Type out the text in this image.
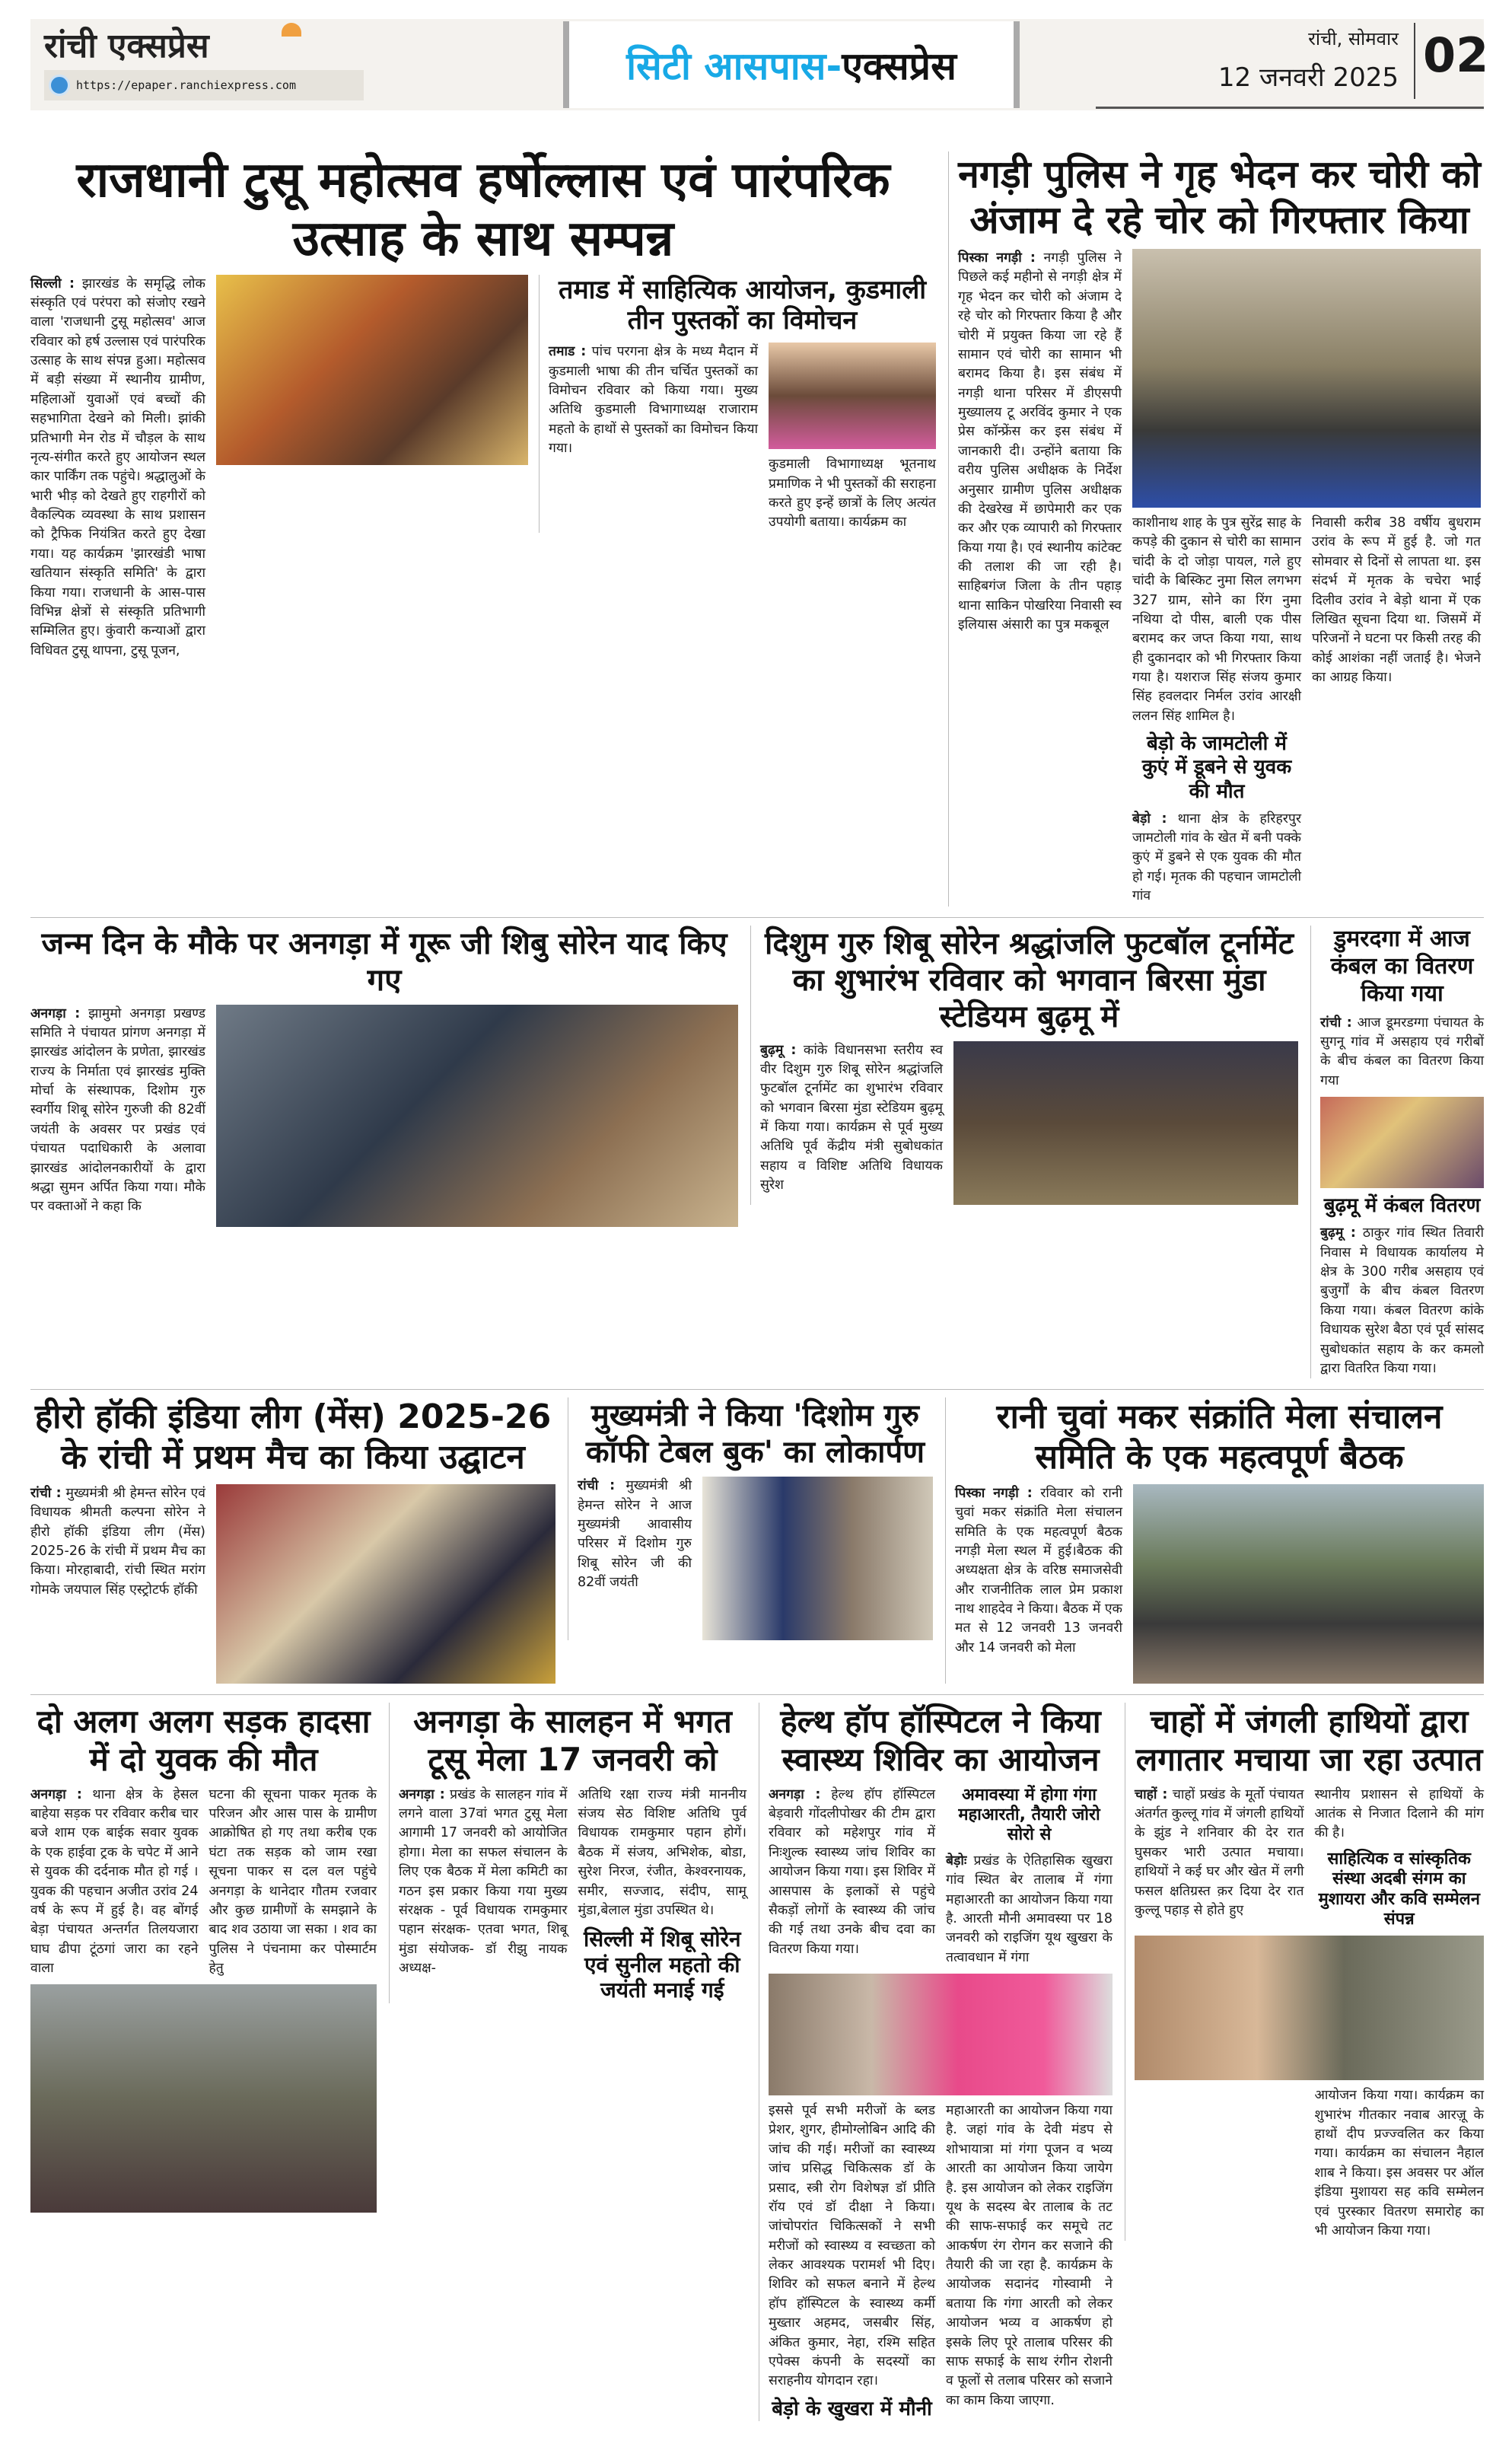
रांची एक्सप्रेस
https://epaper.ranchiexpress.com	सिटी आसपास- एक्सप्रेस
रांची, सोमवार
12 जनवरी 2025 02
राजधानी टुसू महोत्सव हर्षोल्लास एवं पारंपरिक उत्साह के साथ सम्पन्न
सिल्ली : झारखंड के समृद्धि लोक संस्कृति एवं परंपरा को संजोए रखने वाला 'राजधानी टुसू महोत्सव' आज रविवार को हर्ष उल्लास एवं पारंपरिक उत्साह के साथ संपन्न हुआ। महोत्सव में बड़ी संख्या में स्थानीय ग्रामीण, महिलाओं युवाओं एवं बच्चों की सहभागिता देखने को मिली। झांकी प्रतिभागी मेन रोड में चौड़ल के साथ नृत्य-संगीत करते हुए आयोजन स्थल कार पार्किंग तक पहुंचे। श्रद्धालुओं के भारी भीड़ को देखते हुए राहगीरों को वैकल्पिक व्यवस्था के साथ प्रशासन को ट्रैफिक नियंत्रित करते हुए देखा गया। यह कार्यक्रम 'झारखंडी भाषा खतियान संस्कृति समिति' के द्वारा किया गया। राजधानी के आस-पास विभिन्न क्षेत्रों से संस्कृति प्रतिभागी सम्मिलित हुए। कुंवारी कन्याओं द्वारा विधिवत टुसू थापना, टुसू पूजन,
तमाड में साहित्यिक आयोजन, कुडमाली तीन पुस्तकों का विमोचन
तमाड : पांच परगना क्षेत्र के मध्य मैदान में कुडमाली भाषा की तीन चर्चित पुस्तकों का विमोचन रविवार को किया गया। मुख्य अतिथि कुडमाली विभागाध्यक्ष राजाराम महतो के हाथों से पुस्तकों का विमोचन किया गया।
कुडमाली विभागाध्यक्ष भूतनाथ प्रमाणिक ने भी पुस्तकों की सराहना करते हुए इन्हें छात्रों के लिए अत्यंत उपयोगी बताया। कार्यक्रम का
नगड़ी पुलिस ने गृह भेदन कर चोरी को अंजाम दे रहे चोर को गिरफ्तार किया
पिस्का नगड़ी : नगड़ी पुलिस ने पिछले कई महीनो से नगड़ी क्षेत्र में गृह भेदन कर चोरी को अंजाम दे रहे चोर को गिरफ्तार किया है और चोरी में प्रयुक्त किया जा रहे हैं सामान एवं चोरी का सामान भी बरामद किया है। इस संबंध में नगड़ी थाना परिसर में डीएसपी मुख्यालय टू अरविंद कुमार ने एक प्रेस कॉन्फ्रेंस कर इस संबंध में जानकारी दी। उन्होंने बताया कि वरीय पुलिस अधीक्षक के निर्देश अनुसार ग्रामीण पुलिस अधीक्षक की देखरेख में छापेमारी कर एक कर और एक व्यापारी को गिरफ्तार किया गया है। एवं स्थानीय कांटेक्ट की तलाश की जा रही है। साहिबगंज जिला के तीन पहाड़ थाना साकिन पोखरिया निवासी स्व इलियास अंसारी का पुत्र मकबूल
काशीनाथ शाह के पुत्र सुरेंद्र साह के कपड़े की दुकान से चोरी का सामान चांदी के दो जोड़ा पायल, गले हुए चांदी के बिस्किट नुमा सिल लगभग 327 ग्राम, सोने का रिंग नुमा नथिया दो पीस, बाली एक पीस बरामद कर जप्त किया गया, साथ ही दुकानदार को भी गिरफ्तार किया गया है। यशराज सिंह संजय कुमार सिंह हवलदार निर्मल उरांव आरक्षी ललन सिंह शामिल है।
बेड़ो के जामटोली में कुएं में डूबने से युवक की मौत
बेड़ो : थाना क्षेत्र के हरिहरपुर जामटोली गांव के खेत में बनी पक्के कुएं में डुबने से एक युवक की मौत हो गई। मृतक की पहचान जामटोली गांव
निवासी करीब 38 वर्षीय बुधराम उरांव के रूप में हुई है. जो गत सोमवार से दिनों से लापता था. इस संदर्भ में मृतक के चचेरा भाई दिलीव उरांव ने बेड़ो थाना में एक लिखित सूचना दिया था. जिसमें में परिजनों ने घटना पर किसी तरह की कोई आशंका नहीं जताई है। भेजने का आग्रह किया।
जन्म दिन के मौके पर अनगड़ा में गूरू जी शिबु सोरेन याद किए गए
अनगड़ा : झामुमो अनगड़ा प्रखण्ड समिति ने पंचायत प्रांगण अनगड़ा में झारखंड आंदोलन के प्रणेता, झारखंड राज्य के निर्माता एवं झारखंड मुक्ति मोर्चा के संस्थापक, दिशोम गुरु स्वर्गीय शिबू सोरेन गुरुजी की 82वीं जयंती के अवसर पर प्रखंड एवं पंचायत पदाधिकारी के अलावा झारखंड आंदोलनकारीयों के द्वारा श्रद्धा सुमन अर्पित किया गया। मौके पर वक्ताओं ने कहा कि
दिशुम गुरु शिबू सोरेन श्रद्धांजलि फुटबॉल टूर्नामेंट का शुभारंभ रविवार को भगवान बिरसा मुंडा स्टेडियम बुढ़मू में
बुढ़मू : कांके विधानसभा स्तरीय स्व वीर दिशुम गुरु शिबू सोरेन श्रद्धांजलि फुटबॉल टूर्नामेंट का शुभारंभ रविवार को भगवान बिरसा मुंडा स्टेडियम बुढ़मू में किया गया। कार्यक्रम से पूर्व मुख्य अतिथि पूर्व केंद्रीय मंत्री सुबोधकांत सहाय व विशिष्ट अतिथि विधायक सुरेश
डुमरदगा में आज कंबल का वितरण किया गया
रांची : आज डूमरडग्गा पंचायत के सुगनू गांव में असहाय एवं गरीबों के बीच कंबल का वितरण किया गया
बुढ़मू में कंबल वितरण
बुढ़मू : ठाकुर गांव स्थित तिवारी निवास मे विधायक कार्यालय मे क्षेत्र के 300 गरीब असहाय एवं बुजुर्गों के बीच कंबल वितरण किया गया। कंबल वितरण कांके विधायक सुरेश बैठा एवं पूर्व सांसद सुबोधकांत सहाय के कर कमलो द्वारा वितरित किया गया।
हीरो हॉकी इंडिया लीग (मेंस) 2025-26 के रांची में प्रथम मैच का किया उद्घाटन
रांची : मुख्यमंत्री श्री हेमन्त सोरेन एवं विधायक श्रीमती कल्पना सोरेन ने हीरो हॉकी इंडिया लीग (मेंस) 2025-26 के रांची में प्रथम मैच का किया। मोरहाबादी, रांची स्थित मरांग गोमके जयपाल सिंह एस्ट्रोटर्फ हॉकी
मुख्यमंत्री ने किया 'दिशोम गुरु कॉफी टेबल बुक' का लोकार्पण
रांची : मुख्यमंत्री श्री हेमन्त सोरेन ने आज मुख्यमंत्री आवासीय परिसर में दिशोम गुरु शिबू सोरेन जी की 82वीं जयंती
रानी चुवां मकर संक्रांति मेला संचालन समिति के एक महत्वपूर्ण बैठक
पिस्का नगड़ी : रविवार को रानी चुवां मकर संक्रांति मेला संचालन समिति के एक महत्वपूर्ण बैठक नगड़ी मेला स्थल में हुई।बैठक की अध्यक्षता क्षेत्र के वरिष्ठ समाजसेवी और राजनीतिक लाल प्रेम प्रकाश नाथ शाहदेव ने किया। बैठक में एक मत से 12 जनवरी 13 जनवरी और 14 जनवरी को मेला
दो अलग अलग सड़क हादसा में दो युवक की मौत
अनगड़ा : थाना क्षेत्र के हेसल बाहेया सड़क पर रविवार करीब चार बजे शाम एक बाईक सवार युवक के एक हाईवा ट्रक के चपेट में आने से युवक की दर्दनाक मौत हो गई । युवक की पहचान अजीत उरांव 24 वर्ष के रूप में हुई है। वह बोंगई बेड़ा पंचायत अन्तर्गत तिलयजारा घाघ ढीपा टूंठगां जारा का रहने वाला
घटना की सूचना पाकर मृतक के परिजन और आस पास के ग्रामीण आक्रोषित हो गए तथा करीब एक घंटा तक सड़क को जाम रखा सूचना पाकर स दल वल पहुंचे अनगड़ा के थानेदार गौतम रजवार और कुछ ग्रामीणों के समझाने के बाद शव उठाया जा सका । शव का पुलिस ने पंचनामा कर पोस्मार्टम हेतु
अनगड़ा के सालहन में भगत टूसू मेला 17 जनवरी को
अनगड़ा : प्रखंड के सालहन गांव में लगने वाला 37वां भगत टुसू मेला आगामी 17 जनवरी को आयोजित होगा। मेला का सफल संचालन के लिए एक बैठक में मेला कमिटी का गठन इस प्रकार किया गया मुख्य संरक्षक - पूर्व विधायक रामकुमार पहान संरक्षक- एतवा भगत, शिबू मुंडा संयोजक- डॉ रीझु नायक अध्यक्ष-
अतिथि रक्षा राज्य मंत्री माननीय संजय सेठ विशिष्ट अतिथि पुर्व विधायक रामकुमार पहान होगें।बैठक में संजय, अभिशेक, बोडा, सुरेश निरज, रंजीत, केश्वरनायक, समीर, सज्जाद, संदीप, सामू मुंडा,बेलाल मुंडा उपस्थित थे।
सिल्ली में शिबू सोरेन एवं सुनील महतो की जयंती मनाई गई
हेल्थ हॉप हॉस्पिटल ने किया स्वास्थ्य शिविर का आयोजन
अनगड़ा : हेल्थ हॉप हॉस्पिटल बेड़वारी गोंदलीपोखर की टीम द्वारा रविवार को महेशपुर गांव में निःशुल्क स्वास्थ्य जांच शिविर का आयोजन किया गया। इस शिविर में आसपास के इलाकों से पहुंचे सैकड़ों लोगों के स्वास्थ्य की जांच की गई तथा उनके बीच दवा का वितरण किया गया।
अमावस्या में होगा गंगा महाआरती, तैयारी जोरो सोरो से
बेड़ोः प्रखंड के ऐतिहासिक खुखरा गांव स्थित बेर तालाब में गंगा महाआरती का आयोजन किया गया है. आरती मौनी अमावस्या पर 18 जनवरी को राइजिंग यूथ खुखरा के तत्वावधान में गंगा
इससे पूर्व सभी मरीजों के ब्लड प्रेशर, शुगर, हीमोग्लोबिन आदि की जांच की गई। मरीजों का स्वास्थ्य जांच प्रसिद्ध चिकित्सक डॉ के प्रसाद, स्त्री रोग विशेषज्ञ डॉ प्रीति रॉय एवं डॉ दीक्षा ने किया। जांचोपरांत चिकित्सकों ने सभी मरीजों को स्वास्थ्य व स्वच्छता को लेकर आवश्यक परामर्श भी दिए। शिविर को सफल बनाने में हेल्थ हॉप हॉस्पिटल के स्वास्थ्य कर्मी मुख्तार अहमद, जसबीर सिंह, अंकित कुमार, नेहा, रश्मि सहित एपेक्स कंपनी के सदस्यों का सराहनीय योगदान रहा।
बेड़ो के खुखरा में मौनी
महाआरती का आयोजन किया गया है. जहां गांव के देवी मंडप से शोभायात्रा मां गंगा पूजन व भव्य आरती का आयोजन किया जायेग है. इस आयोजन को लेकर राइजिंग यूथ के सदस्य बेर तालाब के तट की साफ-सफाई कर समूचे तट आकर्षण रंग रोगन कर सजाने की तैयारी की जा रहा है. कार्यक्रम के आयोजक सदानंद गोस्वामी ने बताया कि गंगा आरती को लेकर आयोजन भव्य व आकर्षण हो इसके लिए पूरे तालाब परिसर की साफ सफाई के साथ रंगीन रोशनी व फूलों से तलाब परिसर को सजाने का काम किया जाएगा.
चाहों में जंगली हाथियों द्वारा लगातार मचाया जा रहा उत्पात
चाहों : चाहों प्रखंड के मूर्तो पंचायत अंतर्गत कुल्लू गांव में जंगली हाथियों के झुंड ने शनिवार की देर रात घुसकर भारी उत्पात मचाया। हाथियों ने कई घर और खेत में लगी फसल क्षतिग्रस्त क़र दिया देर रात कुल्लू पहाड़ से होते हुए
स्थानीय प्रशासन से हाथियों के आतंक से निजात दिलाने की मांग की है।
साहित्यिक व सांस्कृतिक संस्था अदबी संगम का मुशायरा और कवि सम्मेलन संपन्न
आयोजन किया गया। कार्यक्रम का शुभारंभ गीतकार नवाब आरज़ू के हाथों दीप प्रज्ज्वलित कर किया गया। कार्यक्रम का संचालन नैहाल शाब ने किया। इस अवसर पर ऑल इंडिया मुशायरा सह कवि सम्मेलन एवं पुरस्कार वितरण समारोह का भी आयोजन किया गया।
